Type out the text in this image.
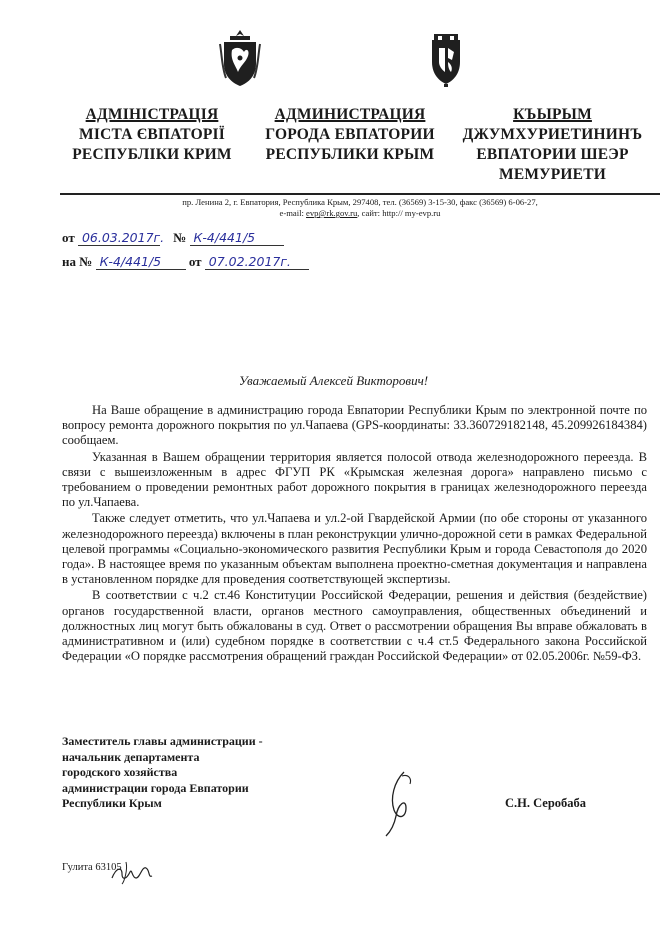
АДМІНІСТРАЦІЯ
МІСТА ЄВПАТОРІЇ
РЕСПУБЛІКИ КРИМ
АДМИНИСТРАЦИЯ
ГОРОДА ЕВПАТОРИИ
РЕСПУБЛИКИ КРЫМ
КЪЫРЫМ
ДЖУМХУРИЕТИНИНЪ
ЕВПАТОРИИ ШЕЭР
МЕМУРИЕТИ
пр. Ленина 2, г. Евпатория, Республика Крым, 297408, тел. (36569) 3-15-30, факс (36569) 6-06-27,
e-mail: evp@rk.gov.ru, сайт: http:// my-evp.ru
от 06.03.2017г. № К-4/441/5
на № К-4/441/5 от 07.02.2017г.
Уважаемый Алексей Викторович!

На Ваше обращение в администрацию города Евпатории Республики Крым по электронной почте по вопросу ремонта дорожного покрытия по ул.Чапаева (GPS-координаты: 33.360729182148, 45.209926184384) сообщаем.

Указанная в Вашем обращении территория является полосой отвода железнодорожного переезда. В связи с вышеизложенным в адрес ФГУП РК «Крымская железная дорога» направлено письмо с требованием о проведении ремонтных работ дорожного покрытия в границах железнодорожного переезда по ул.Чапаева.

Также следует отметить, что ул.Чапаева и ул.2-ой Гвардейской Армии (по обе стороны от указанного железнодорожного переезда) включены в план реконструкции улично-дорожной сети в рамках Федеральной целевой программы «Социально-экономического развития Республики Крым и города Севастополя до 2020 года». В настоящее время по указанным объектам выполнена проектно-сметная документация и направлена в установленном порядке для проведения соответствующей экспертизы.

В соответствии с ч.2 ст.46 Конституции Российской Федерации, решения и действия (бездействие) органов государственной власти, органов местного самоуправления, общественных объединений и должностных лиц могут быть обжалованы в суд. Ответ о рассмотрении обращения Вы вправе обжаловать в административном и (или) судебном порядке в соответствии с ч.4 ст.5 Федерального закона Российской Федерации «О порядке рассмотрения обращений граждан Российской Федерации» от 02.05.2006г. №59-ФЗ.

Заместитель главы администрации -
начальник департамента
городского хозяйства
администрации города Евпатории
Республики Крым	С.Н. Серобаба
Гулита 63105
